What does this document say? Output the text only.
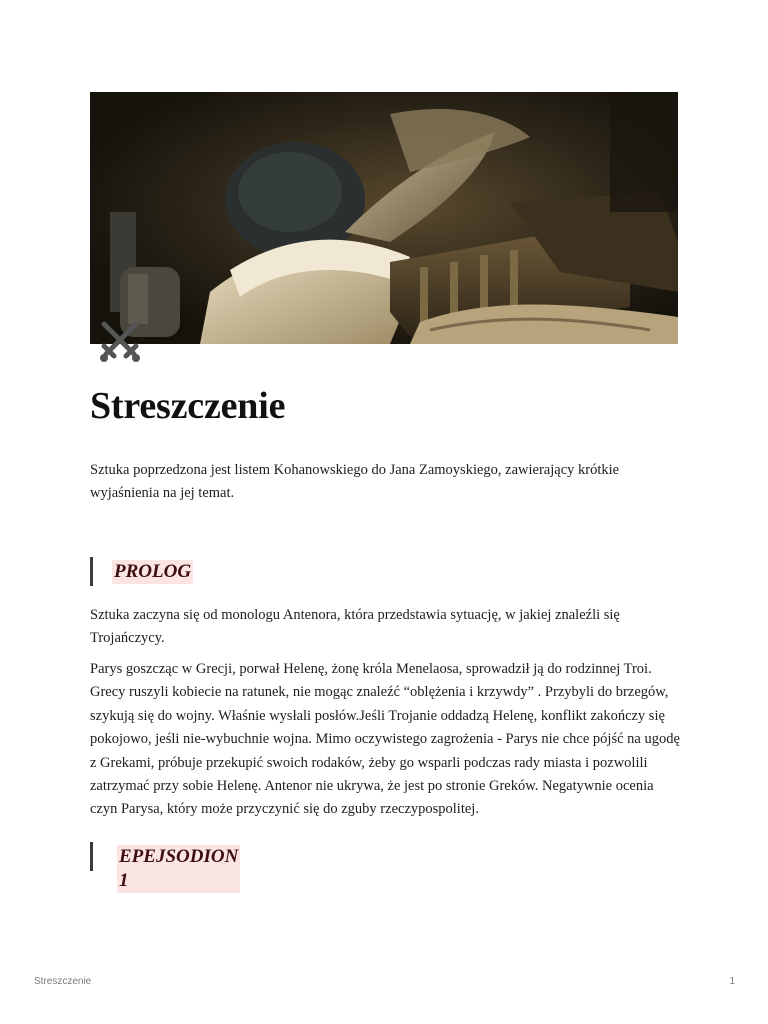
Streszczenie

Sztuka poprzedzona jest listem Kohanowskiego do Jana Zamoyskiego, zawierający krótkie wyjaśnienia na jej temat.

PROLOG

Sztuka zaczyna się od monologu Antenora, która przedstawia sytuację, w jakiej znaleźli się Trojańczycy.

Parys goszcząc w Grecji, porwał Helenę, żonę króla Menelaosa, sprowadził ją do rodzinnej Troi. Grecy ruszyli kobiecie na ratunek, nie mogąc znaleźć “oblężenia i krzywdy” . Przybyli do brzegów, szykują się do wojny. Właśnie wysłali posłów.Jeśli Trojanie oddadzą Helenę, konflikt zakończy się pokojowo, jeśli nie-wybuchnie wojna. Mimo oczywistego zagrożenia - Parys nie chce pójść na ugodę z Grekami, próbuje przekupić swoich rodaków, żeby go wsparli podczas rady miasta i pozwolili zatrzymać przy sobie Helenę. Antenor nie ukrywa, że jest po stronie Greków. Negatywnie ocenia czyn Parysa, który może przyczynić się do zguby rzeczypospolitej.

EPEJSODION 1
Streszczenie	1
